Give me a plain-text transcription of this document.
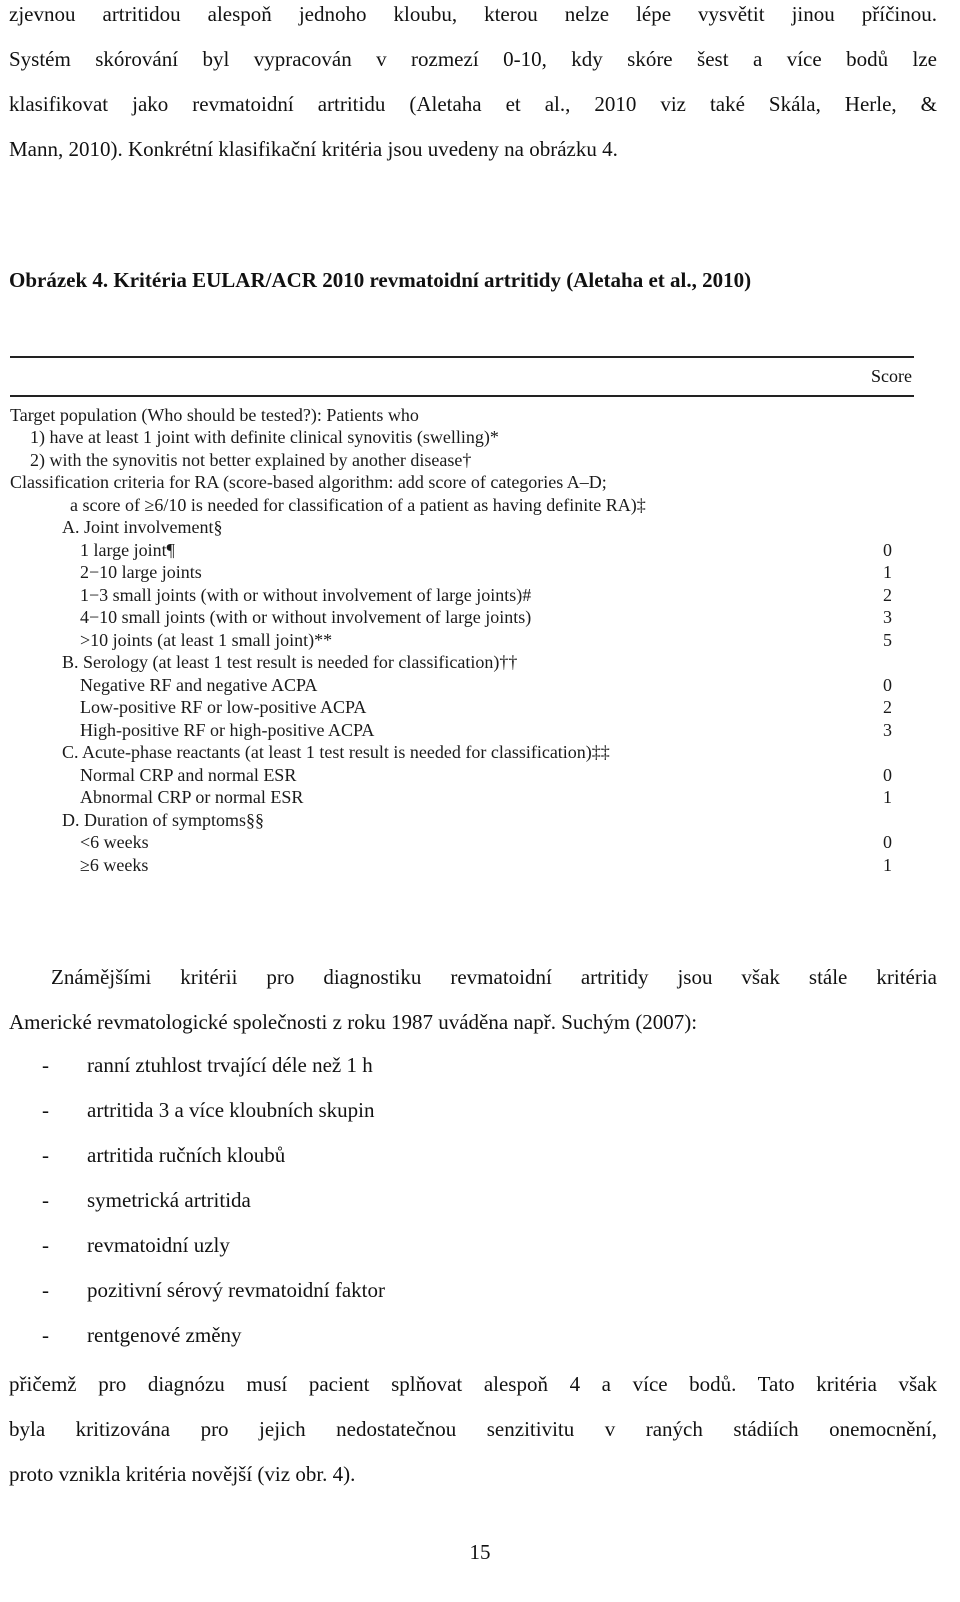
zjevnou artritidou alespoň jednoho kloubu, kterou nelze lépe vysvětit jinou příčinou.
Systém skórování byl vypracován v rozmezí 0-10, kdy skóre šest a více bodů lze
klasifikovat jako revmatoidní artritidu (Aletaha et al., 2010 viz také Skála, Herle, &
Mann, 2010). Konkrétní klasifikační kritéria jsou uvedeny na obrázku 4.
Obrázek 4. Kritéria EULAR/ACR 2010 revmatoidní artritidy (Aletaha et al., 2010)
Score
Target population (Who should be tested?): Patients who
1) have at least 1 joint with definite clinical synovitis (swelling)*
2) with the synovitis not better explained by another disease†
Classification criteria for RA (score-based algorithm: add score of categories A–D;
a score of ≥6/10 is needed for classification of a patient as having definite RA)‡
A. Joint involvement§
1 large joint¶	0
2−10 large joints	1
1−3 small joints (with or without involvement of large joints)#	2
4−10 small joints (with or without involvement of large joints)	3
>10 joints (at least 1 small joint)**	5
B. Serology (at least 1 test result is needed for classification)††
Negative RF and negative ACPA	0
Low-positive RF or low-positive ACPA	2
High-positive RF or high-positive ACPA	3
C. Acute-phase reactants (at least 1 test result is needed for classification)‡‡
Normal CRP and normal ESR	0
Abnormal CRP or normal ESR	1
D. Duration of symptoms§§
<6 weeks	0
≥6 weeks	1
Známějšími kritérii pro diagnostiku revmatoidní artritidy jsou však stále kritéria
Americké revmatologické společnosti z roku 1987 uváděna např. Suchým (2007):
- ranní ztuhlost trvající déle než 1 h
- artritida 3 a více kloubních skupin
- artritida ručních kloubů
- symetrická artritida
- revmatoidní uzly
- pozitivní sérový revmatoidní faktor
- rentgenové změny
přičemž pro diagnózu musí pacient splňovat alespoň 4 a více bodů. Tato kritéria však
byla kritizována pro jejich nedostatečnou senzitivitu v raných stádiích onemocnění,
proto vznikla kritéria novější (viz obr. 4).
15
